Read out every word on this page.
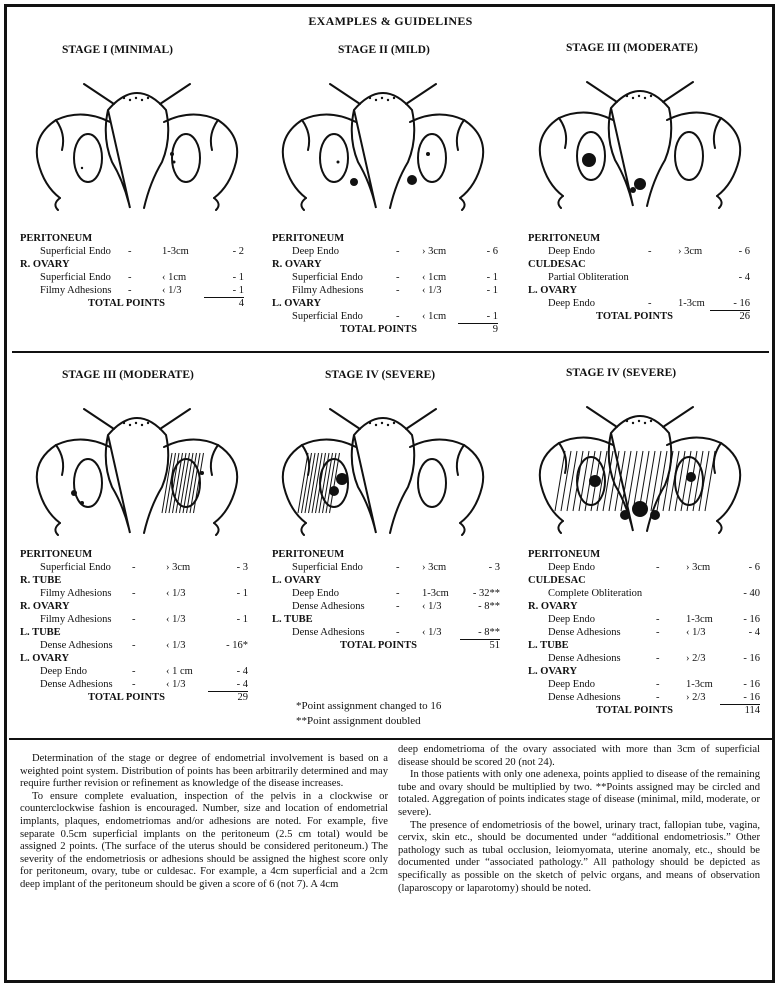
EXAMPLES & GUIDELINES
STAGE I (MINIMAL)	STAGE II (MILD)	STAGE III (MODERATE)
STAGE III (MODERATE)	STAGE IV (SEVERE)	STAGE IV (SEVERE)
PERITONEUM
Superficial Endo -	1-3cm	- 2
R. OVARY
Superficial Endo -	‹ 1cm	- 1
Filmy Adhesions -	‹ 1/3	- 1
TOTAL POINTS	4
PERITONEUM
Deep Endo	- › 3cm	- 6
R. OVARY
Superficial Endo	- ‹ 1cm	- 1
Filmy Adhesions	- ‹ 1/3	- 1
L. OVARY
Superficial Endo	- ‹ 1cm	- 1
TOTAL POINTS	9
PERITONEUM
Deep Endo	-	› 3cm	- 6
CULDESAC
Partial Obliteration	- 4
L. OVARY
Deep Endo	-	1-3cm	- 16
TOTAL POINTS	26
PERITONEUM
Superficial Endo -	› 3cm	- 3
R. TUBE
Filmy Adhesions -	‹ 1/3	- 1
R. OVARY
Filmy Adhesions -	‹ 1/3	- 1
L. TUBE
Dense Adhesions -	‹ 1/3	- 16*
L. OVARY
Deep Endo	-	‹ 1 cm	- 4
Dense Adhesions -	‹ 1/3	- 4
TOTAL POINTS	29
PERITONEUM
Superficial Endo	- › 3cm	- 3
L. OVARY
Deep Endo	- 1-3cm	- 32**
Dense Adhesions	- ‹ 1/3	- 8**
L. TUBE
Dense Adhesions	- ‹ 1/3	- 8**
TOTAL POINTS	51
PERITONEUM
Deep Endo	-	› 3cm	- 6
CULDESAC
Complete Obliteration	- 40
R. OVARY
Deep Endo	-	1-3cm	- 16
Dense Adhesions	-	‹ 1/3	- 4
L. TUBE
Dense Adhesions	-	› 2/3	- 16
L. OVARY
Deep Endo	-	1-3cm	- 16
Dense Adhesions	-	› 2/3	- 16
TOTAL POINTS	114
*Point assignment changed to 16
**Point assignment doubled

Determination of the stage or degree of endometrial involvement is based on a weighted point system. Distribution of points has been arbitrarily determined and may require further revision or refinement as knowledge of the disease increases.

To ensure complete evaluation, inspection of the pelvis in a clockwise or counterclockwise fashion is encouraged. Number, size and location of endometrial implants, plaques, endometriomas and/or adhesions are noted. For example, five separate 0.5cm superficial implants on the peritoneum (2.5 cm total) would be assigned 2 points. (The surface of the uterus should be considered peritoneum.) The severity of the endometriosis or adhesions should be assigned the highest score only for peritoneum, ovary, tube or culdesac. For example, a 4cm superficial and a 2cm deep implant of the peritoneum should be given a score of 6 (not 7). A 4cm

deep endometrioma of the ovary associated with more than 3cm of superficial disease should be scored 20 (not 24).

In those patients with only one adenexa, points applied to disease of the remaining tube and ovary should be multiplied by two. **Points assigned may be circled and totaled. Aggregation of points indicates stage of disease (minimal, mild, moderate, or severe).

The presence of endometriosis of the bowel, urinary tract, fallopian tube, vagina, cervix, skin etc., should be documented under “additional endometriosis.” Other pathology such as tubal occlusion, leiomyomata, uterine anomaly, etc., should be documented under “associated pathology.” All pathology should be depicted as specifically as possible on the sketch of pelvic organs, and means of observation (laparoscopy or laparotomy) should be noted.
